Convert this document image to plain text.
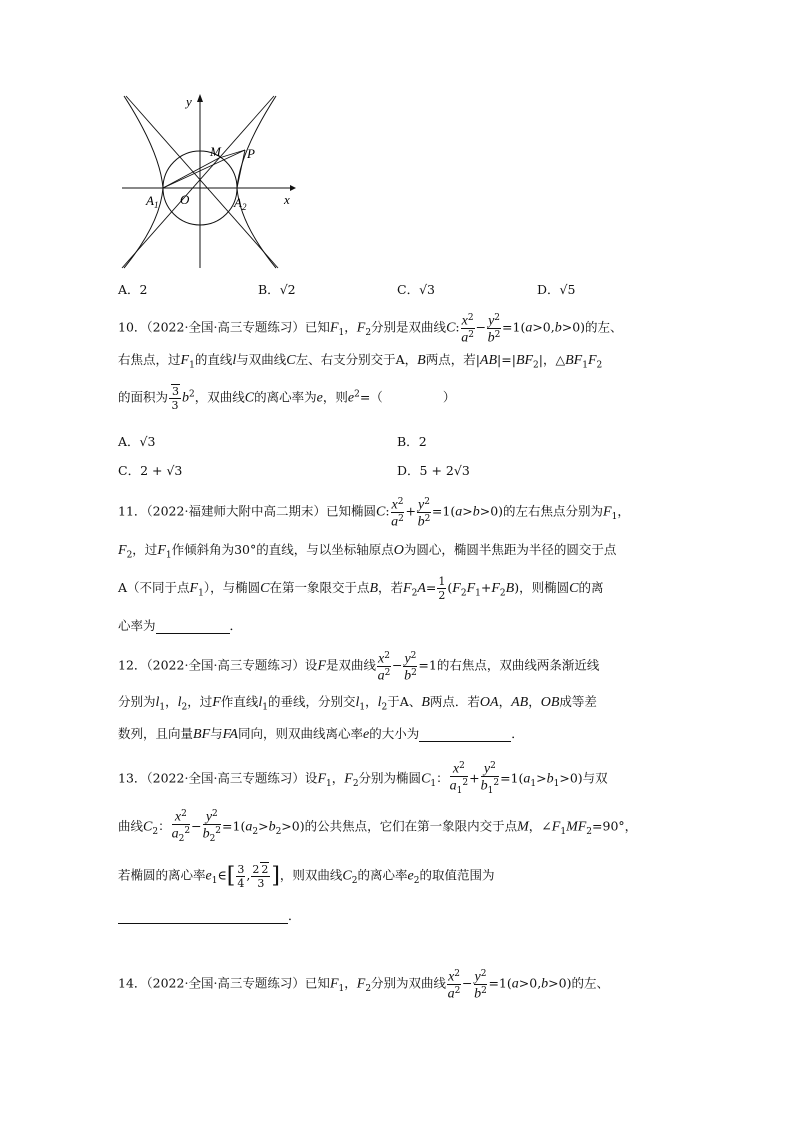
y
x
M P
O
$A_1$	$A_2$
A．2	B．√2	C．√3	D．√5
10．（2022·全国·高三专题练习）已知$F_1$，$F_2$分别是双曲线C: $\frac{x^2}{a^2} - \frac{y^2}{b^2} =1(a>0,b>0)$的左、
右焦点，过$F_1$的直线l与双曲线C左、右支分别交于A，B两点，若$|AB|=|BF_2|$，$\triangle BF_1F_2$
的面积为 $\frac{3}{3} b^2$，双曲线C的离心率为e，则$e^2=$（	）
A．√3	B．2
C．2 + √3	D．5 + 2√3
11．（2022·福建师大附中高二期末）已知椭圆C: $\frac{x^2}{a^2} + \frac{y^2}{b^2} =1(a>b>0)$的左右焦点分别为$F_1$，
$F_2$，过$F_1$作倾斜角为30°的直线，与以坐标轴原点O为圆心，椭圆半焦距为半径的圆交于点
A（不同于点$F_1$），与椭圆C在第一象限交于点B，若$F_2A= \frac{1}{2} (F_2F_1+F_2B)$，则椭圆C的离
心率为	．
12．（2022·全国·高三专题练习）设F是双曲线 $\frac{x^2}{a^2} - \frac{y^2}{b^2} =1$的右焦点，双曲线两条渐近线
分别为$l_1$，$l_2$，过F作直线$l_1$的垂线，分别交$l_1$，$l_2$于A、B两点．若OA，AB，OB成等差
数列，且向量BF与FA同向，则双曲线离心率e的大小为	．
13．（2022·全国·高三专题练习）设$F_1$，$F_2$分别为椭圆$C_1$： $\frac{x^2}{a_1^2} + \frac{y^2}{b_1^2} =1(a_1>b_1>0)$与双
曲线$C_2$： $\frac{x^2}{a_2^2} - \frac{y^2}{b_2^2} =1(a_2>b_2>0)$的公共焦点，它们在第一象限内交于点M，$\angle F_1MF_2=90^\circ$，
若椭圆的离心率$e_1\in[ \frac{3}{4}$ , $\frac{2 2}{3}$ ]，则双曲线$C_2$的离心率$e_2$的取值范围为
．
14．（2022·全国·高三专题练习）已知$F_1$，$F_2$分别为双曲线 $\frac{x^2}{a^2} - \frac{y^2}{b^2} =1(a>0,b>0)$的左、
